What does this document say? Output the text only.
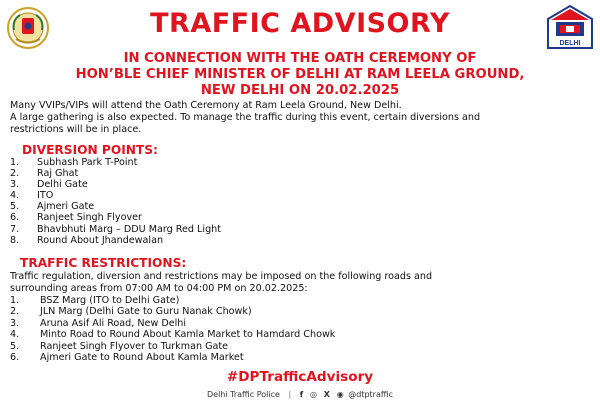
TRAFFIC ADVISORY
DELHI
IN CONNECTION WITH THE OATH CEREMONY OF
HON’BLE CHIEF MINISTER OF DELHI AT RAM LEELA GROUND,
NEW DELHI ON 20.02.2025
Many VVIPs/VIPs will attend the Oath Ceremony at Ram Leela Ground, New Delhi.
A large gathering is also expected. To manage the traffic during this event, certain diversions and
restrictions will be in place.
DIVERSION POINTS:
1.	Subhash Park T-Point
2.	Raj Ghat
3.	Delhi Gate
4.	ITO
5.	Ajmeri Gate
6.	Ranjeet Singh Flyover
7.	Bhavbhuti Marg – DDU Marg Red Light
8.	Round About Jhandewalan
TRAFFIC RESTRICTIONS:
Traffic regulation, diversion and restrictions may be imposed on the following roads and
surrounding areas from 07:00 AM to 04:00 PM on 20.02.2025:
1.	BSZ Marg (ITO to Delhi Gate)
2.	JLN Marg (Delhi Gate to Guru Nanak Chowk)
3.	Aruna Asif Ali Road, New Delhi
4.	Minto Road to Round About Kamla Market to Hamdard Chowk
5.	Ranjeet Singh Flyover to Turkman Gate
6.	Ajmeri Gate to Round About Kamla Market
#DPTrafficAdvisory
Delhi Traffic Police | f ◎ X ◉ @dtptraffic
